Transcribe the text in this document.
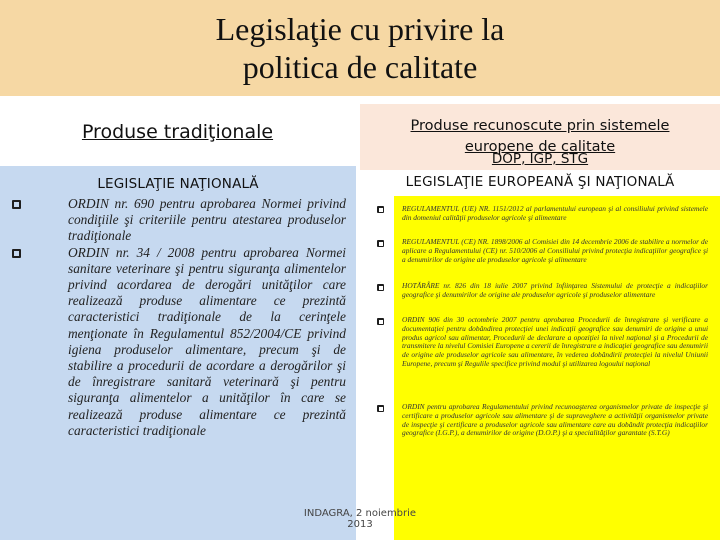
Legislaţie cu privire la
politica de calitate
Produse tradiţionale	Produse recunoscute prin sistemele
europene de calitate
DOP, IGP, STG
LEGISLAŢIE NAŢIONALĂ
ORDIN nr. 690 pentru aprobarea Normei privind condiţiile şi criteriile pentru atestarea produselor tradiţionale
ORDIN nr. 34 / 2008 pentru aprobarea Normei sanitare veterinare şi pentru siguranţa alimentelor privind acordarea de derogări unităţilor care realizează produse alimentare ce prezintă caracteristici tradiţionale de la cerinţele menţionate în Regulamentul 852/2004/CE privind igiena produselor alimentare, precum şi de stabilire a procedurii de acordare a derogărilor şi de înregistrare sanitară veterinară şi pentru siguranţa alimentelor a unităţilor în care se realizează produse alimentare ce prezintă caracteristici tradiţionale
LEGISLAŢIE EUROPEANĂ ŞI NAŢIONALĂ
REGULAMENTUL (UE) NR. 1151/2012 al parlamentului european şi al consiliului privind sistemele din domeniul calităţii produselor agricole şi alimentare
REGULAMENTUL (CE) NR. 1898/2006 al Comisiei din 14 decembrie 2006 de stabilire a normelor de aplicare a Regulamentului (CE) nr. 510/2006 al Consiliului privind protecţia indicaţiilor geografice şi a denumirilor de origine ale produselor agricole şi alimentare
HOTĂRÂRE nr. 826 din 18 iulie 2007 privind înfiinţarea Sistemului de protecţie a indicaţiilor geografice şi denumirilor de origine ale produselor agricole şi produselor alimentare
ORDIN 906 din 30 octombrie 2007 pentru aprobarea Procedurii de înregistrare şi verificare a documentaţiei pentru dobândirea protecţiei unei indicaţii geografice sau denumiri de origine a unui produs agricol sau alimentar, Procedurii de declarare a opoziţiei la nivel naţional şi a Procedurii de transmitere la nivelul Comisiei Europene a cererii de înregistrare a indicaţiei geografice sau denumirii de origine ale produselor agricole sau alimentare, în vederea dobândirii protecţiei la nivelul Uniunii Europene, precum şi Regulile specifice privind modul şi utilizarea logoului naţional
ORDIN pentru aprobarea Regulamentului privind recunoaşterea organismelor private de inspecţie şi certificare a produselor agricole sau alimentare şi de supraveghere a activităţii organismelor private de inspecţie şi certificare a produselor agricole sau alimentare care au dobândit protecţia indicaţiilor geografice (I.G.P.), a denumirilor de origine (D.O.P.) şi a specialităţilor garantate (S.T.G)
INDAGRA, 2 noiembrie 2013
